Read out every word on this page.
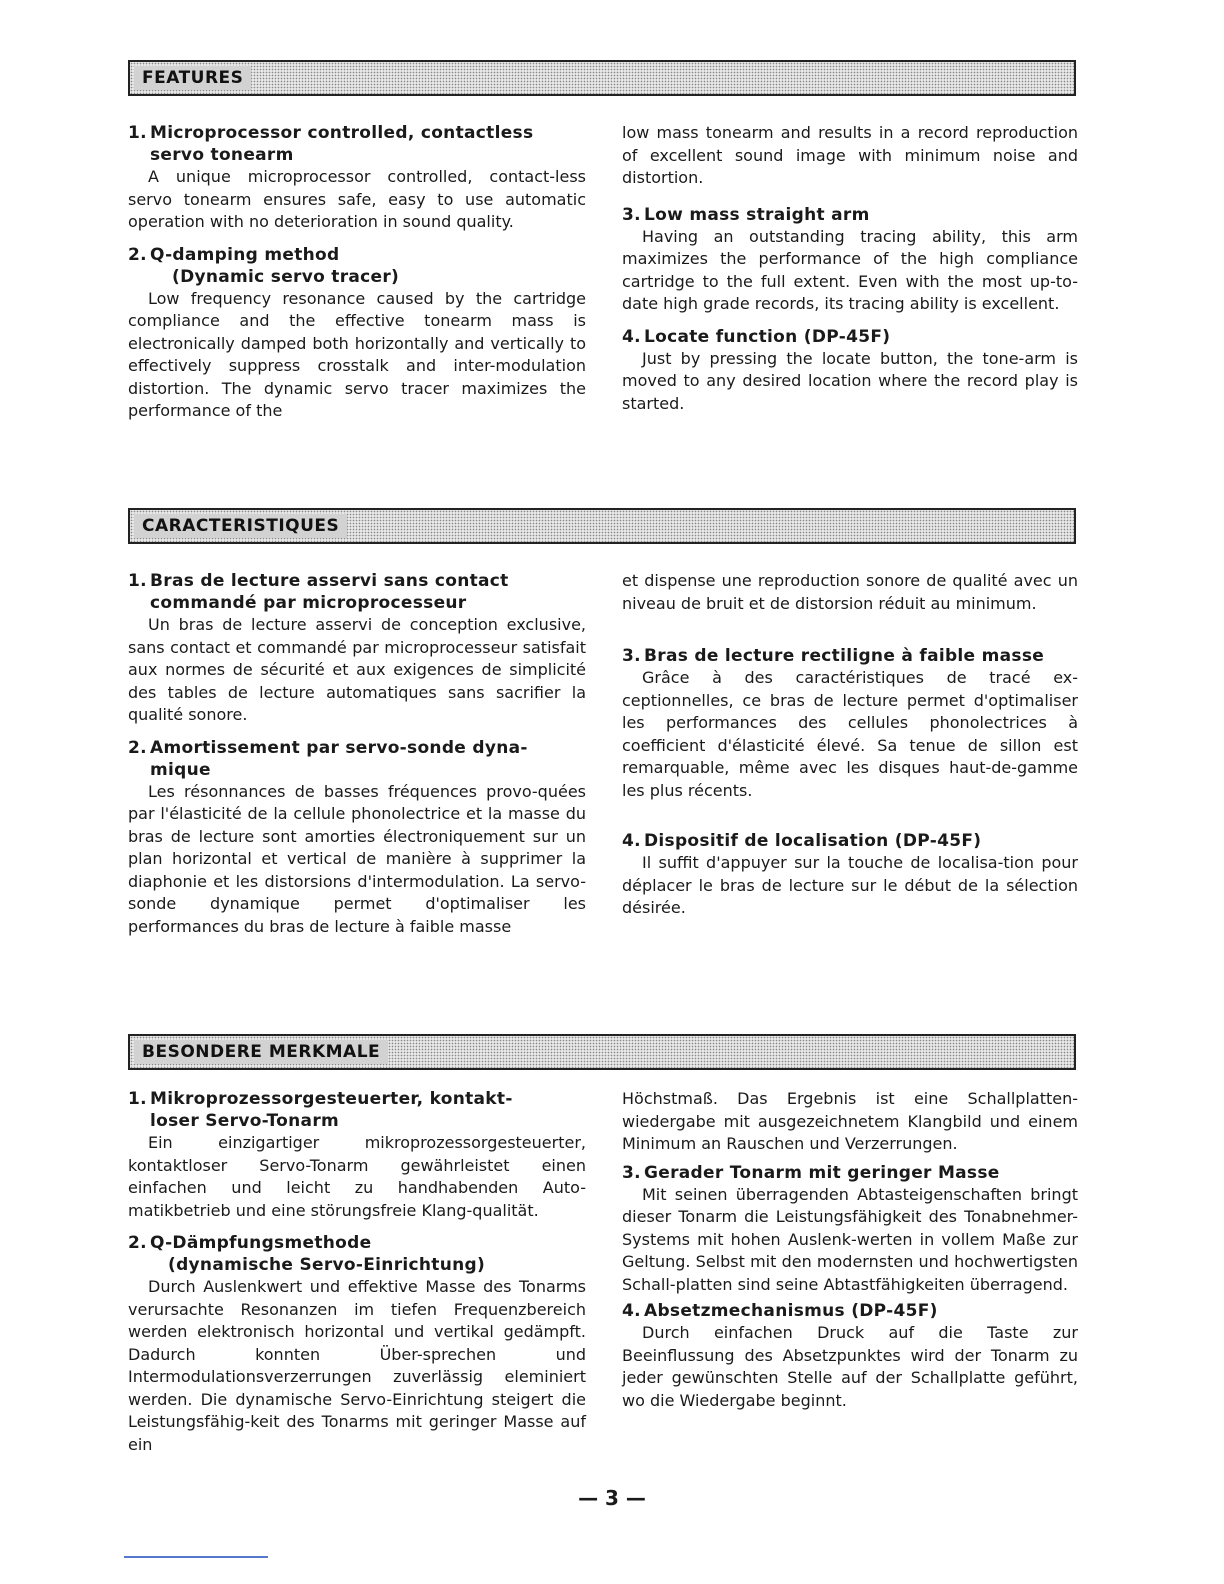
FEATURES
1. Microprocessor controlled, contactless
servo tonearm

A unique microprocessor controlled, contact-less servo tonearm ensures safe, easy to use automatic operation with no deterioration in sound quality.

2. Q-damping method
(Dynamic servo tracer)

Low frequency resonance caused by the cartridge compliance and the effective tonearm mass is electronically damped both horizontally and vertically to effectively suppress crosstalk and inter-modulation distortion. The dynamic servo tracer maximizes the performance of the

low mass tonearm and results in a record reproduction of excellent sound image with minimum noise and distortion.

3. Low mass straight arm

Having an outstanding tracing ability, this arm maximizes the performance of the high compliance cartridge to the full extent. Even with the most up-to-date high grade records, its tracing ability is excellent.

4. Locate function (DP-45F)

Just by pressing the locate button, the tone-arm is moved to any desired location where the record play is started.

CARACTERISTIQUES
1. Bras de lecture asservi sans contact
commandé par microprocesseur

Un bras de lecture asservi de conception exclusive, sans contact et commandé par microprocesseur satisfait aux normes de sécurité et aux exigences de simplicité des tables de lecture automatiques sans sacrifier la qualité sonore.

2. Amortissement par servo-sonde dyna-
mique

Les résonnances de basses fréquences provo-quées par l'élasticité de la cellule phonolectrice et la masse du bras de lecture sont amorties électroniquement sur un plan horizontal et vertical de manière à supprimer la diaphonie et les distorsions d'intermodulation. La servo-sonde dynamique permet d'optimaliser les performances du bras de lecture à faible masse

et dispense une reproduction sonore de qualité avec un niveau de bruit et de distorsion réduit au minimum.

3. Bras de lecture rectiligne à faible masse

Grâce à des caractéristiques de tracé ex-ceptionnelles, ce bras de lecture permet d'optimaliser les performances des cellules phonolectrices à coefficient d'élasticité élevé. Sa tenue de sillon est remarquable, même avec les disques haut-de-gamme les plus récents.

4. Dispositif de localisation (DP-45F)

Il suffit d'appuyer sur la touche de localisa-tion pour déplacer le bras de lecture sur le début de la sélection désirée.

BESONDERE MERKMALE
1. Mikroprozessorgesteuerter, kontakt-
loser Servo-Tonarm

Ein einzigartiger mikroprozessorgesteuerter, kontaktloser Servo-Tonarm gewährleistet einen einfachen und leicht zu handhabenden Auto-matikbetrieb und eine störungsfreie Klang-qualität.

2. Q-Dämpfungsmethode
(dynamische Servo-Einrichtung)

Durch Auslenkwert und effektive Masse des Tonarms verursachte Resonanzen im tiefen Frequenzbereich werden elektronisch horizontal und vertikal gedämpft. Dadurch konnten Über-sprechen und Intermodulationsverzerrungen zuverlässig eleminiert werden. Die dynamische Servo-Einrichtung steigert die Leistungsfähig-keit des Tonarms mit geringer Masse auf ein

Höchstmaß. Das Ergebnis ist eine Schallplatten-wiedergabe mit ausgezeichnetem Klangbild und einem Minimum an Rauschen und Verzerrungen.

3. Gerader Tonarm mit geringer Masse

Mit seinen überragenden Abtasteigenschaften bringt dieser Tonarm die Leistungsfähigkeit des Tonabnehmer-Systems mit hohen Auslenk-werten in vollem Maße zur Geltung. Selbst mit den modernsten und hochwertigsten Schall-platten sind seine Abtastfähigkeiten überragend.

4. Absetzmechanismus (DP-45F)

Durch einfachen Druck auf die Taste zur Beeinflussung des Absetzpunktes wird der Tonarm zu jeder gewünschten Stelle auf der Schallplatte geführt, wo die Wiedergabe beginnt.

— 3 —
